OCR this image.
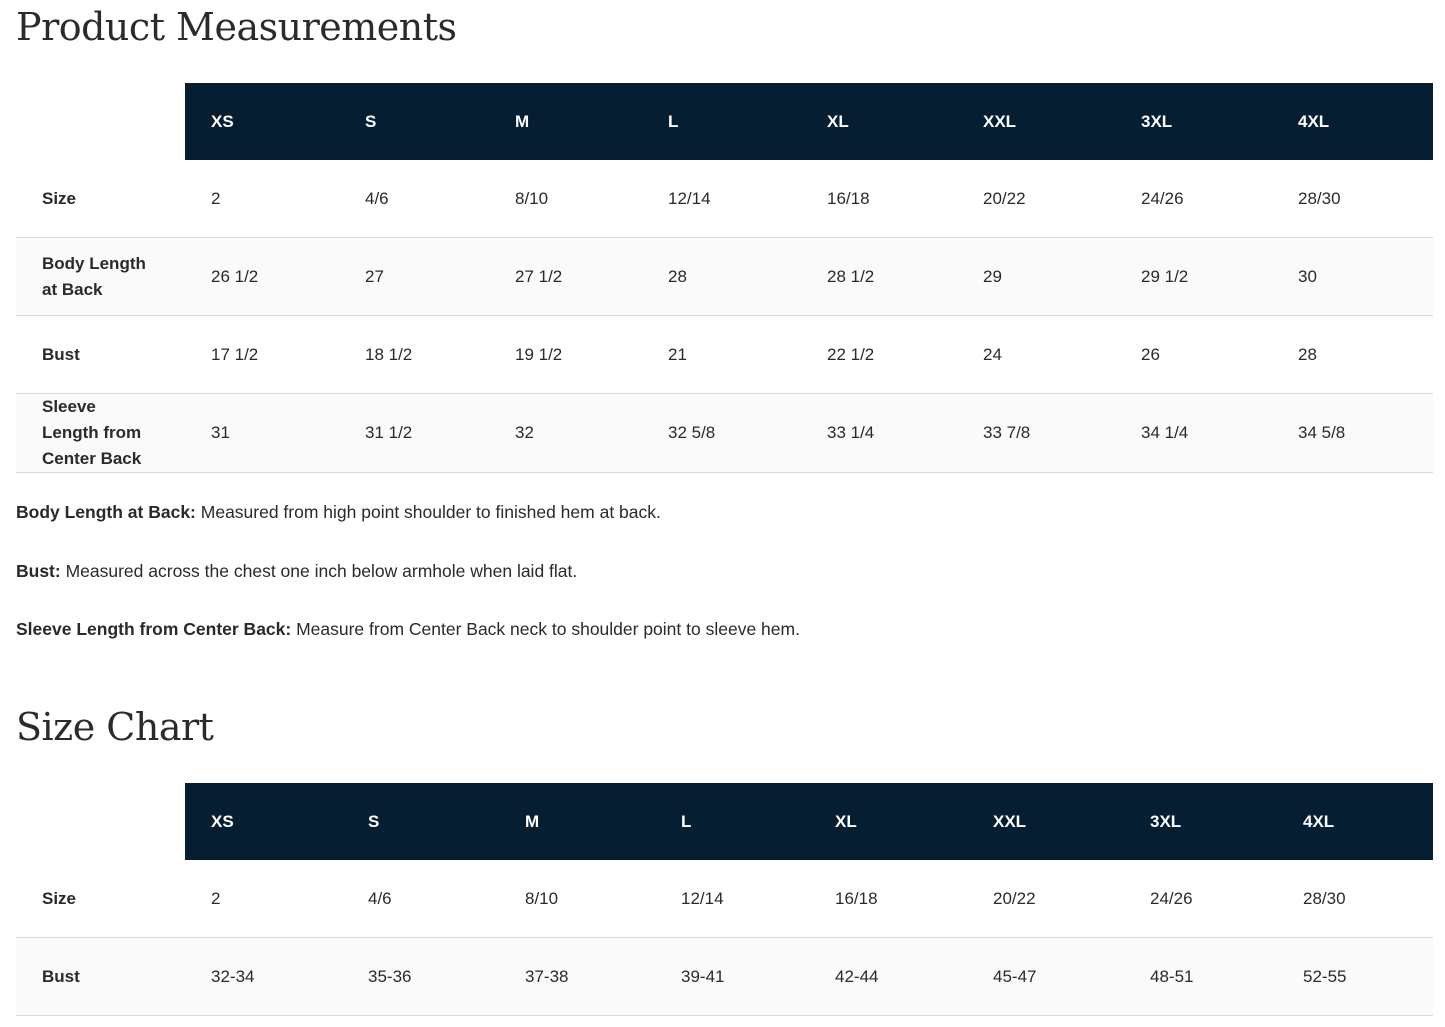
Product Measurements
	XS	S	M	L	XL	XXL	3XL	4XL
Size	2	4/6	8/10	12/14	16/18	20/22	24/26	28/30

Body Length at Back	26 1/2	27	27 1/2	28	28 1/2	29	29 1/2	30
Bust	17 1/2	18 1/2	19 1/2	21	22 1/2	24	26	28

Sleeve Length from Center Back	31	31 1/2	32	32 5/8	33 1/4	33 7/8	34 1/4	34 5/8

Body Length at Back: Measured from high point shoulder to finished hem at back.

Bust: Measured across the chest one inch below armhole when laid flat.

Sleeve Length from Center Back: Measure from Center Back neck to shoulder point to sleeve hem.

Size Chart
	XS	S	M	L	XL	XXL	3XL	4XL
Size	2	4/6	8/10	12/14	16/18	20/22	24/26	28/30
Bust	32-34	35-36	37-38	39-41	42-44	45-47	48-51	52-55
